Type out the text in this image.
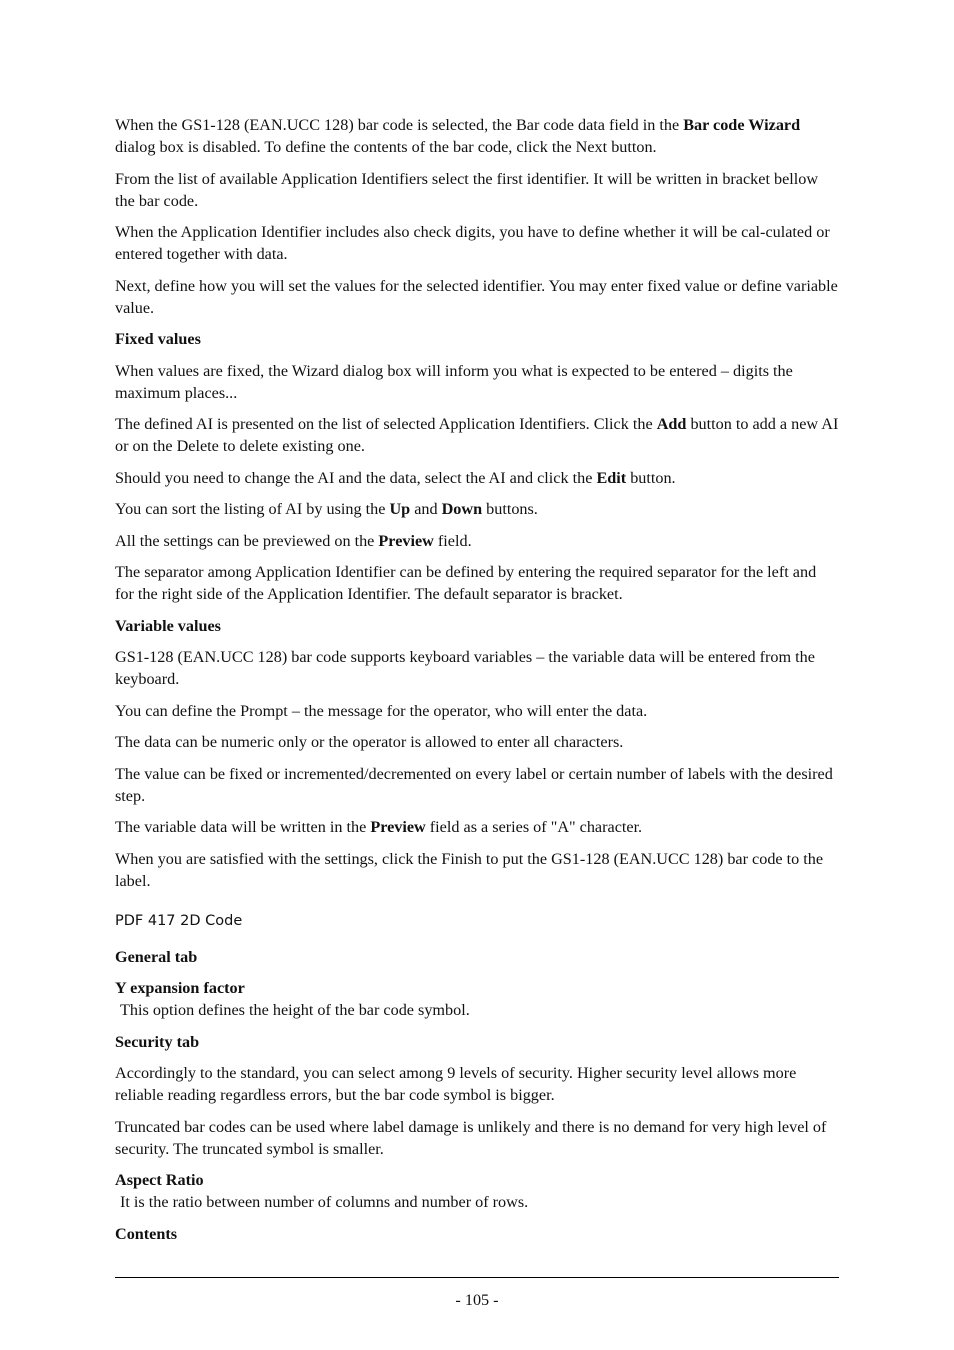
When the GS1-128 (EAN.UCC 128) bar code is selected, the Bar code data field in the Bar code Wizard dialog box is disabled. To define the contents of the bar code, click the Next button.

From the list of available Application Identifiers select the first identifier. It will be written in bracket bellow the bar code.

When the Application Identifier includes also check digits, you have to define whether it will be cal-culated or entered together with data.

Next, define how you will set the values for the selected identifier. You may enter fixed value or define variable value.

Fixed values

When values are fixed, the Wizard dialog box will inform you what is expected to be entered – digits the maximum places...

The defined AI is presented on the list of selected Application Identifiers. Click the Add button to add a new AI or on the Delete to delete existing one.

Should you need to change the AI and the data, select the AI and click the Edit button.

You can sort the listing of AI by using the Up and Down buttons.

All the settings can be previewed on the Preview field.

The separator among Application Identifier can be defined by entering the required separator for the left and for the right side of the Application Identifier. The default separator is bracket.

Variable values

GS1-128 (EAN.UCC 128) bar code supports keyboard variables – the variable data will be entered from the keyboard.

You can define the Prompt – the message for the operator, who will enter the data.

The data can be numeric only or the operator is allowed to enter all characters.

The value can be fixed or incremented/decremented on every label or certain number of labels with the desired step.

The variable data will be written in the Preview field as a series of "A" character.

When you are satisfied with the settings, click the Finish to put the GS1-128 (EAN.UCC 128) bar code to the label.

PDF 417 2D Code

General tab

Y expansion factor

This option defines the height of the bar code symbol.

Security tab

Accordingly to the standard, you can select among 9 levels of security. Higher security level allows more reliable reading regardless errors, but the bar code symbol is bigger.

Truncated bar codes can be used where label damage is unlikely and there is no demand for very high level of security. The truncated symbol is smaller.

Aspect Ratio

It is the ratio between number of columns and number of rows.

Contents

- 105 -
